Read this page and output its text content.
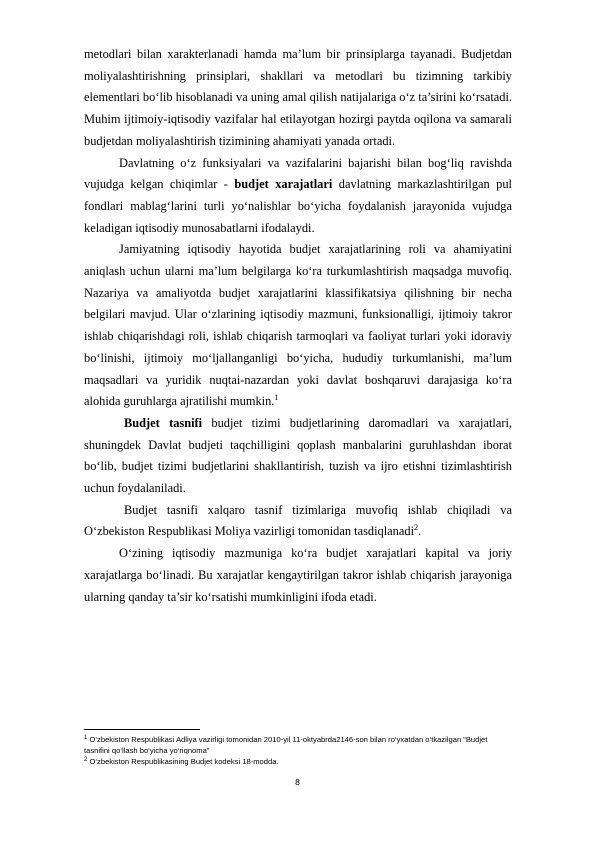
metodlari bilan xarakterlanadi hamda ma’lum bir prinsiplarga tayanadi. Budjetdan moliyalashtirishning prinsiplari, shakllari va metodlari bu tizimning tarkibiy elementlari bo‘lib hisoblanadi va uning amal qilish natijalariga o‘z ta’sirini ko‘rsatadi. Muhim ijtimoiy-iqtisodiy vazifalar hal etilayotgan hozirgi paytda oqilona va samarali budjetdan moliyalashtirish tizimining ahamiyati yanada ortadi.

Davlatning o‘z funksiyalari va vazifalarini bajarishi bilan bog‘liq ravishda vujudga kelgan chiqimlar - budjet xarajatlari davlatning markazlashtirilgan pul fondlari mablag‘larini turli yo‘nalishlar bo‘yicha foydalanish jarayonida vujudga keladigan iqtisodiy munosabatlarni ifodalaydi.

Jamiyatning iqtisodiy hayotida budjet xarajatlarining roli va ahamiyatini aniqlash uchun ularni ma’lum belgilarga ko‘ra turkumlashtirish maqsadga muvofiq. Nazariya va amaliyotda budjet xarajatlarini klassifikatsiya qilishning bir necha belgilari mavjud. Ular o‘zlarining iqtisodiy mazmuni, funksionalligi, ijtimoiy takror ishlab chiqarishdagi roli, ishlab chiqarish tarmoqlari va faoliyat turlari yoki idoraviy bo‘linishi, ijtimoiy mo‘ljallanganligi bo‘yicha, hududiy turkumlanishi, ma’lum maqsadlari va yuridik nuqtai-nazardan yoki davlat boshqaruvi darajasiga ko‘ra alohida guruhlarga ajratilishi mumkin.$^1$

Budjet tasnifi budjet tizimi budjetlarining daromadlari va xarajatlari, shuningdek Davlat budjeti taqchilligini qoplash manbalarini guruhlashdan iborat bo‘lib, budjet tizimi budjetlarini shakllantirish, tuzish va ijro etishni tizimlashtirish uchun foydalaniladi.

Budjet tasnifi xalqaro tasnif tizimlariga muvofiq ishlab chiqiladi va O‘zbekiston Respublikasi Moliya vazirligi tomonidan tasdiqlanadi$^2$.

O‘zining iqtisodiy mazmuniga ko‘ra budjet xarajatlari kapital va joriy xarajatlarga bo‘linadi. Bu xarajatlar kengaytirilgan takror ishlab chiqarish jarayoniga ularning qanday ta’sir ko‘rsatishi mumkinligini ifoda etadi.

$^1$ O‘zbekiston Respublikasi Adliya vazirligi tomonidan 2010-yil 11-oktyabrda2146-son bilan ro‘yxatdan o‘tkazilgan “Budjet tasnifini qo‘llash bo‘yicha yo‘riqnoma”

$^2$ O‘zbekiston Respublikasining Budjet kodeksi 18-modda.

8
